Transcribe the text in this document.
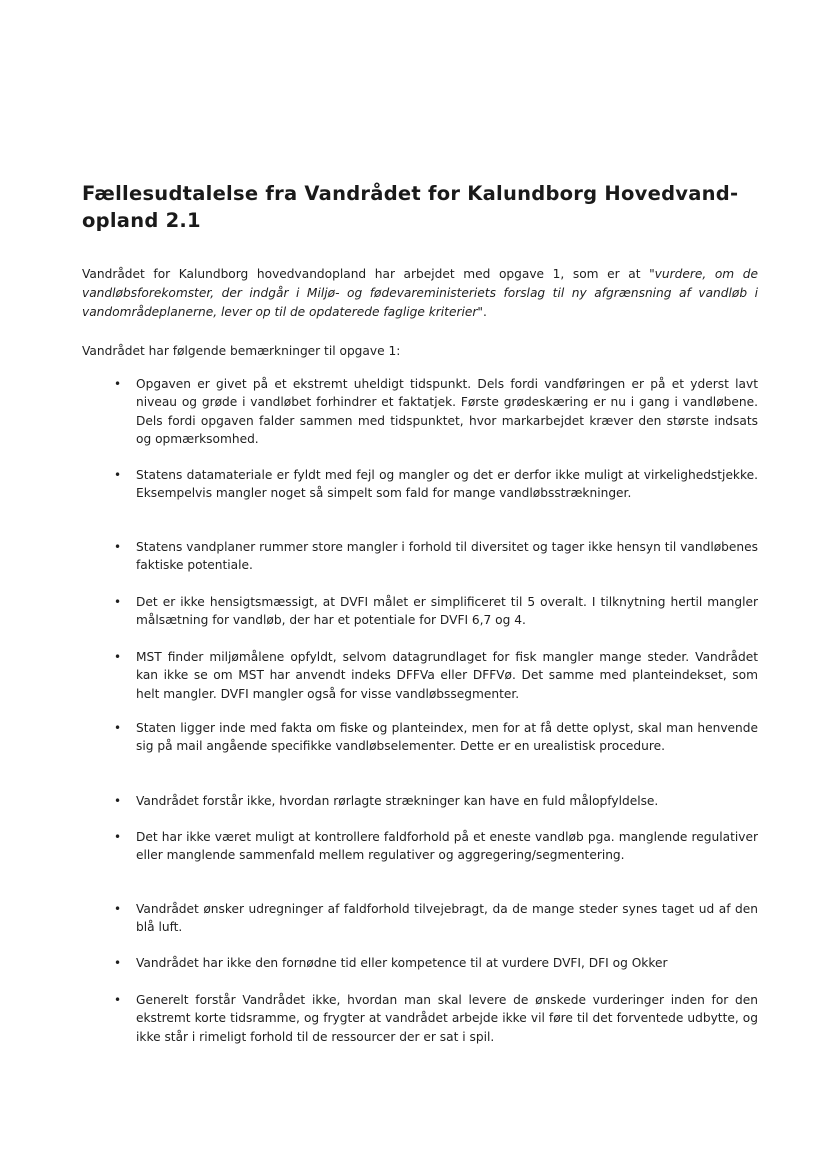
Fællesudtalelse fra Vandrådet for Kalundborg Hovedvand-opland 2.1
Vandrådet for Kalundborg hovedvandopland har arbejdet med opgave 1, som er at "vurdere, om de vandløbsforekomster, der indgår i Miljø- og fødevareministeriets forslag til ny afgrænsning af vandløb i vandområdeplanerne, lever op til de opdaterede faglige kriterier".
Vandrådet har følgende bemærkninger til opgave 1:
• Opgaven er givet på et ekstremt uheldigt tidspunkt. Dels fordi vandføringen er på et yderst lavt niveau og grøde i vandløbet forhindrer et faktatjek. Første grødeskæring er nu i gang i vandløbene. Dels fordi opgaven falder sammen med tidspunktet, hvor markarbejdet kræver den største indsats og opmærksomhed.
• Statens datamateriale er fyldt med fejl og mangler og det er derfor ikke muligt at virkelighedstjekke. Eksempelvis mangler noget så simpelt som fald for mange vandløbsstrækninger.
• Statens vandplaner rummer store mangler i forhold til diversitet og tager ikke hensyn til vandløbenes faktiske potentiale.
• Det er ikke hensigtsmæssigt, at DVFI målet er simplificeret til 5 overalt. I tilknytning hertil mangler målsætning for vandløb, der har et potentiale for DVFI 6,7 og 4.
• MST finder miljømålene opfyldt, selvom datagrundlaget for fisk mangler mange steder. Vandrådet kan ikke se om MST har anvendt indeks DFFVa eller DFFVø. Det samme med planteindekset, som helt mangler. DVFI mangler også for visse vandløbssegmenter.
• Staten ligger inde med fakta om fiske og planteindex, men for at få dette oplyst, skal man henvende sig på mail angående specifikke vandløbselementer. Dette er en urealistisk procedure.
• Vandrådet forstår ikke, hvordan rørlagte strækninger kan have en fuld målopfyldelse.
• Det har ikke været muligt at kontrollere faldforhold på et eneste vandløb pga. manglende regulativer eller manglende sammenfald mellem regulativer og aggregering/segmentering.
• Vandrådet ønsker udregninger af faldforhold tilvejebragt, da de mange steder synes taget ud af den blå luft.
• Vandrådet har ikke den fornødne tid eller kompetence til at vurdere DVFI, DFI og Okker
• Generelt forstår Vandrådet ikke, hvordan man skal levere de ønskede vurderinger inden for den ekstremt korte tidsramme, og frygter at vandrådet arbejde ikke vil føre til det forventede udbytte, og ikke står i rimeligt forhold til de ressourcer der er sat i spil.
